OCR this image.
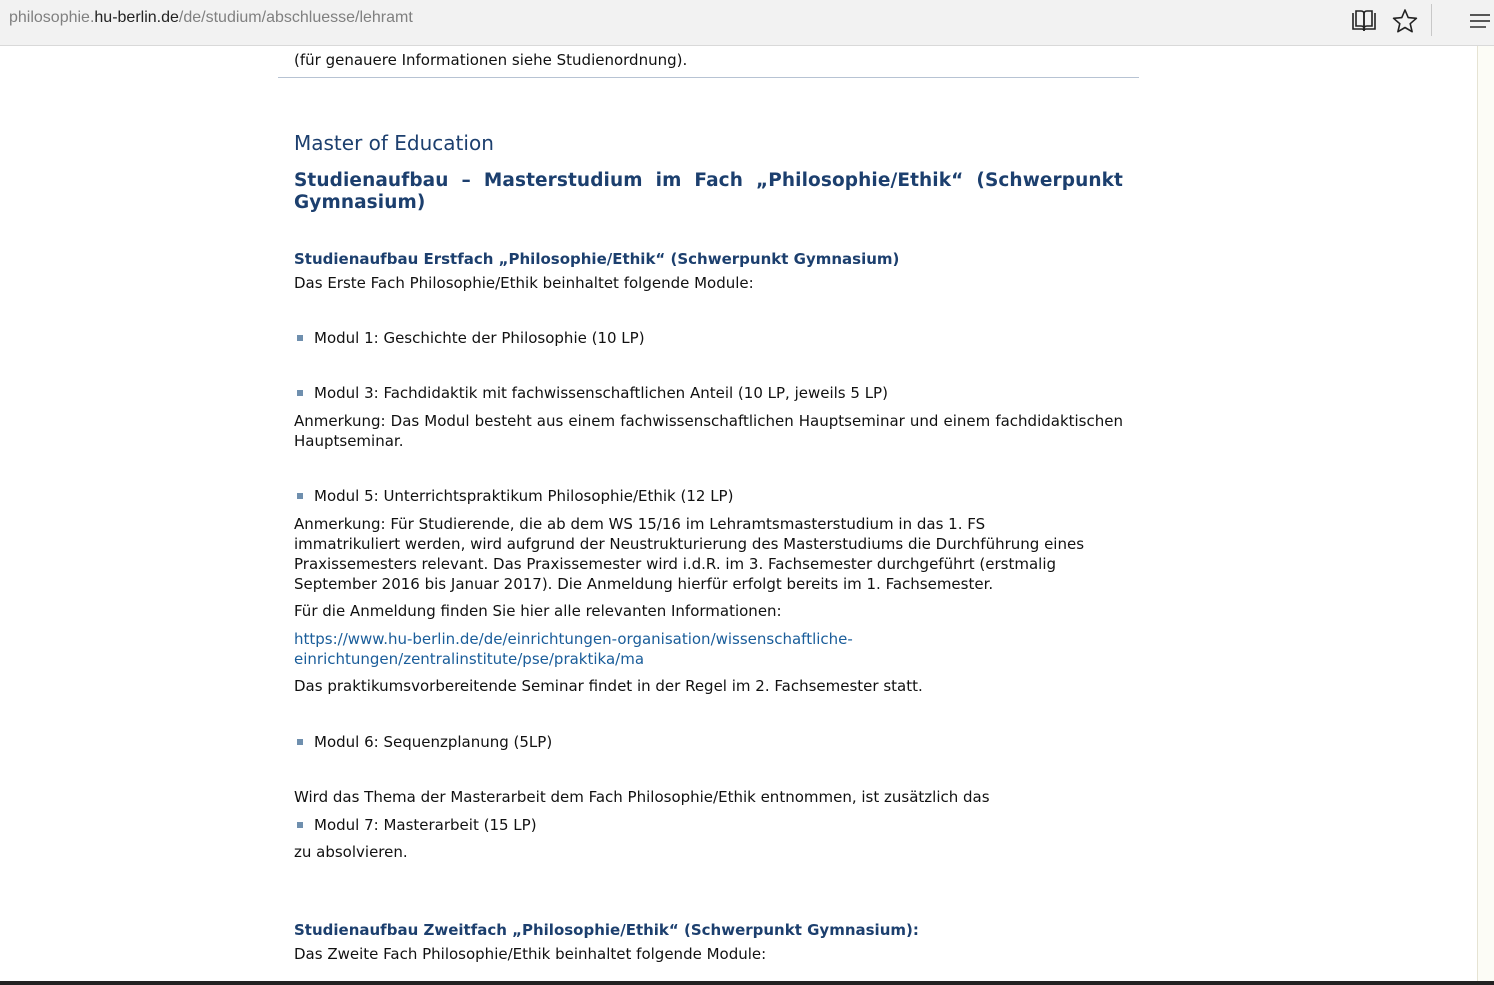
philosophie.hu-berlin.de/de/studium/abschluesse/lehramt
(für genauere Informationen siehe Studienordnung).
Master of Education
Studienaufbau – Masterstudium im Fach „Philosophie/Ethik“ (Schwerpunkt Gymnasium)
Studienaufbau Erstfach „Philosophie/Ethik“ (Schwerpunkt Gymnasium)
Das Erste Fach Philosophie/Ethik beinhaltet folgende Module:
Modul 1: Geschichte der Philosophie (10 LP)
Modul 3: Fachdidaktik mit fachwissenschaftlichen Anteil (10 LP, jeweils 5 LP)
Anmerkung: Das Modul besteht aus einem fachwissenschaftlichen Hauptseminar und einem fachdidaktischen Hauptseminar.
Modul 5: Unterrichtspraktikum Philosophie/Ethik (12 LP)
Anmerkung: Für Studierende, die ab dem WS 15/16 im Lehramtsmasterstudium in das 1. FS
immatrikuliert werden, wird aufgrund der Neustrukturierung des Masterstudiums die Durchführung eines
Praxissemesters relevant. Das Praxissemester wird i.d.R. im 3. Fachsemester durchgeführt (erstmalig
September 2016 bis Januar 2017). Die Anmeldung hierfür erfolgt bereits im 1. Fachsemester.
Für die Anmeldung finden Sie hier alle relevanten Informationen:
https://www.hu-berlin.de/de/einrichtungen-organisation/wissenschaftliche-
einrichtungen/zentralinstitute/pse/praktika/ma
Das praktikumsvorbereitende Seminar findet in der Regel im 2. Fachsemester statt.
Modul 6: Sequenzplanung (5LP)
Wird das Thema der Masterarbeit dem Fach Philosophie/Ethik entnommen, ist zusätzlich das
Modul 7: Masterarbeit (15 LP)
zu absolvieren.
Studienaufbau Zweitfach „Philosophie/Ethik“ (Schwerpunkt Gymnasium):
Das Zweite Fach Philosophie/Ethik beinhaltet folgende Module:
